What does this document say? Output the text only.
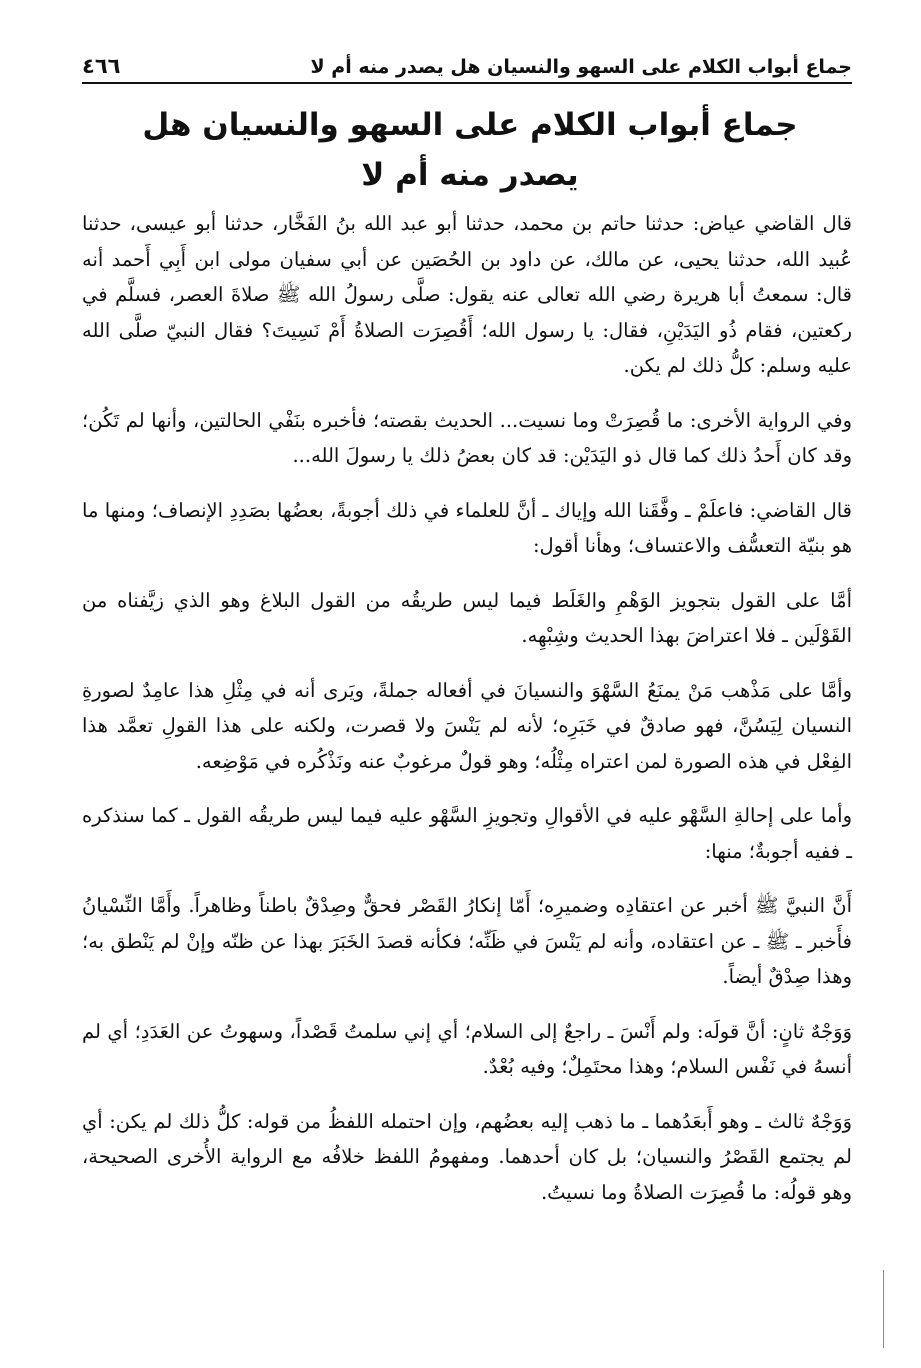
جماع أبواب الكلام على السهو والنسيان هل يصدر منه أم لا
٤٦٦
جماع أبواب الكلام على السهو والنسيان هل يصدر منه أم لا

قال القاضي عياض: حدثنا حاتم بن محمد، حدثنا أبو عبد الله بنُ الفَخَّار، حدثنا أبو عيسى، حدثنا عُبيد الله، حدثنا يحيى، عن مالك، عن داود بن الحُصَين عن أبي سفيان مولى ابن أَبِي أَحمد أنه قال: سمعتُ أبا هريرة رضي الله تعالى عنه يقول: صلَّى رسولُ الله ﷺ صلاةَ العصر، فسلَّم في ركعتين، فقام ذُو اليَدَيْنِ، فقال: يا رسول الله؛ أَقُصِرَت الصلاةُ أَمْ نَسِيتَ؟ فقال النبيّ صلَّى الله عليه وسلم: كلُّ ذلك لم يكن.

وفي الرواية الأخرى: ما قُصِرَتْ وما نسيت... الحديث بقصته؛ فأخبره بنَفْي الحالتين، وأنها لم تَكُن؛ وقد كان أَحدُ ذلك كما قال ذو اليَدَيْن: قد كان بعضُ ذلك يا رسولَ الله...

قال القاضي: فاعلَمْ ـ وفَّقَنا الله وإياك ـ أنَّ للعلماء في ذلك أجوبةً، بعضُها بصَدِدِ الإنصاف؛ ومنها ما هو بنيّة التعسُّف والاعتساف؛ وهأنا أقول:

أمَّا على القول بتجويز الوَهْمِ والغَلَط فيما ليس طريقُه من القول البلاغ وهو الذي زيَّفناه من القَوْلَين ـ فلا اعتراضَ بهذا الحديث وشِبْهِه.

وأمَّا على مَذْهب مَنْ يمنَعُ السَّهْوَ والنسيانَ في أفعاله جملةً، ويَرى أنه في مِثْلِ هذا عامِدٌ لصورةِ النسيان لِيَسُنَّ، فهو صادقٌ في خَبَرِه؛ لأنه لم يَنْسَ ولا قصرت، ولكنه على هذا القولِ تعمَّد هذا الفِعْل في هذه الصورة لمن اعتراه مِثْلُه؛ وهو قولٌ مرغوبٌ عنه ونَذْكُره في مَوْضِعه.

وأما على إحالةِ السَّهْو عليه في الأقوالِ وتجويزِ السَّهْو عليه فيما ليس طريقُه القول ـ كما سنذكره ـ ففيه أجوبةٌ؛ منها:

أَنَّ النبيَّ ﷺ أخبر عن اعتقادِه وضميرِه؛ أَمّا إنكارُ القَصْر فحقٌّ وصِدْقٌ باطناً وظاهراً. وأَمَّا النِّسْيانُ فأَخبر ـ ﷺ ـ عن اعتقاده، وأنه لم يَنْسَ في ظَنِّه؛ فكأنه قصدَ الخَبَرَ بهذا عن ظنّه وإنْ لم يَنْطق به؛ وهذا صِدْقٌ أيضاً.

وَوَجْهٌ ثانٍ: أنَّ قولَه: ولم أَنْسَ ـ راجعٌ إلى السلام؛ أي إني سلمتُ قَصْداً، وسهوتُ عن العَدَدِ؛ أي لم أنسهُ في نَفْس السلام؛ وهذا محتَمِلٌ؛ وفيه بُعْدٌ.

وَوَجْهٌ ثالث ـ وهو أَبعَدُهما ـ ما ذهب إليه بعضُهم، وإن احتمله اللفظُ من قوله: كلُّ ذلك لم يكن: أي لم يجتمع القَصْرُ والنسيان؛ بل كان أحدهما. ومفهومُ اللفظ خلافُه مع الرواية الأُخرى الصحيحة، وهو قولُه: ما قُصِرَت الصلاةُ وما نسيتُ.
